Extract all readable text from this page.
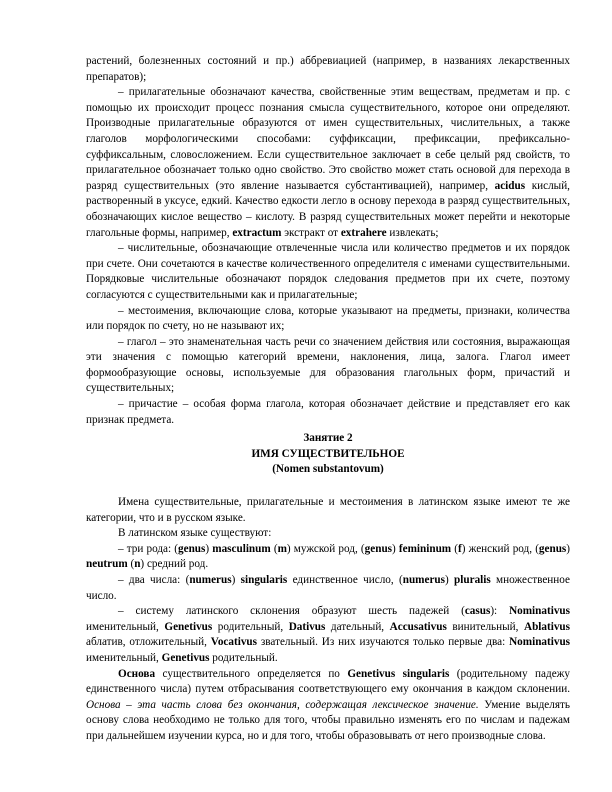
растений, болезненных состояний и пр.) аббревиацией (например, в названиях лекарственных препаратов);

– прилагательные обозначают качества, свойственные этим веществам, предметам и пр. с помощью их происходит процесс познания смысла существительного, которое они определяют. Производные прилагательные образуются от имен существительных, числительных, а также глаголов морфологическими способами: суффиксации, префиксации, префиксально-суффиксальным, словосложением. Если существительное заключает в себе целый ряд свойств, то прилагательное обозначает только одно свойство. Это свойство может стать основой для перехода в разряд существительных (это явление называется субстантивацией), например, acidus кислый, растворенный в уксусе, едкий. Качество едкости легло в основу перехода в разряд существительных, обозначающих кислое вещество – кислоту. В разряд существительных может перейти и некоторые глагольные формы, например, extractum экстракт от extrahere извлекать;

– числительные, обозначающие отвлеченные числа или количество предметов и их порядок при счете. Они сочетаются в качестве количественного определителя с именами существительными. Порядковые числительные обозначают порядок следования предметов при их счете, поэтому согласуются с существительными как и прилагательные;

– местоимения, включающие слова, которые указывают на предметы, признаки, количества или порядок по счету, но не называют их;

– глагол – это знаменательная часть речи со значением действия или состояния, выражающая эти значения с помощью категорий времени, наклонения, лица, залога. Глагол имеет формообразующие основы, используемые для образования глагольных форм, причастий и существительных;

– причастие – особая форма глагола, которая обозначает действие и представляет его как признак предмета.

Занятие 2

ИМЯ СУЩЕСТВИТЕЛЬНОЕ

(Nomen substantovum)

Имена существительные, прилагательные и местоимения в латинском языке имеют те же категории, что и в русском языке.

В латинском языке существуют:

– три рода: (genus) masculinum (m) мужской род, (genus) femininum (f) женский род, (genus) neutrum (n) средний род.

– два числа: (numerus) singularis единственное число, (numerus) pluralis множественное число.

– систему латинского склонения образуют шесть падежей (casus): Nominativus именительный, Genetivus родительный, Dativus дательный, Accusativus винительный, Ablativus аблатив, отложительный, Vocativus звательный. Из них изучаются только первые два: Nominativus именительный, Genetivus родительный.

Основа существительного определяется по Genetivus singularis (родительному падежу единственного числа) путем отбрасывания соответствующего ему окончания в каждом склонении. Основа – эта часть слова без окончания, содержащая лексическое значение. Умение выделять основу слова необходимо не только для того, чтобы правильно изменять его по числам и падежам при дальнейшем изучении курса, но и для того, чтобы образовывать от него производные слова.
